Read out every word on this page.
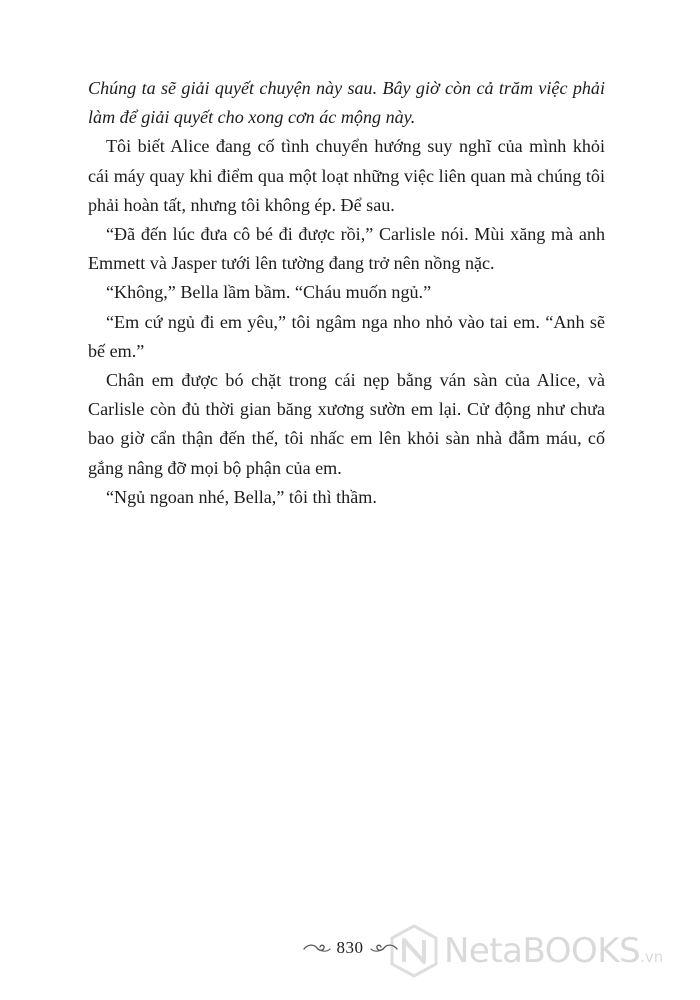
Chúng ta sẽ giải quyết chuyện này sau. Bây giờ còn cả trăm việc phải làm để giải quyết cho xong cơn ác mộng này.

Tôi biết Alice đang cố tình chuyển hướng suy nghĩ của mình khỏi cái máy quay khi điểm qua một loạt những việc liên quan mà chúng tôi phải hoàn tất, nhưng tôi không ép. Để sau.

“Đã đến lúc đưa cô bé đi được rồi,” Carlisle nói. Mùi xăng mà anh Emmett và Jasper tưới lên tường đang trở nên nồng nặc.

“Không,” Bella lầm bầm. “Cháu muốn ngủ.”

“Em cứ ngủ đi em yêu,” tôi ngâm nga nho nhỏ vào tai em. “Anh sẽ bế em.”

Chân em được bó chặt trong cái nẹp bằng ván sàn của Alice, và Carlisle còn đủ thời gian băng xương sườn em lại. Cử động như chưa bao giờ cẩn thận đến thế, tôi nhấc em lên khỏi sàn nhà đẫm máu, cố gắng nâng đỡ mọi bộ phận của em.

“Ngủ ngoan nhé, Bella,” tôi thì thầm.

830 NetaBOOKS.vn
